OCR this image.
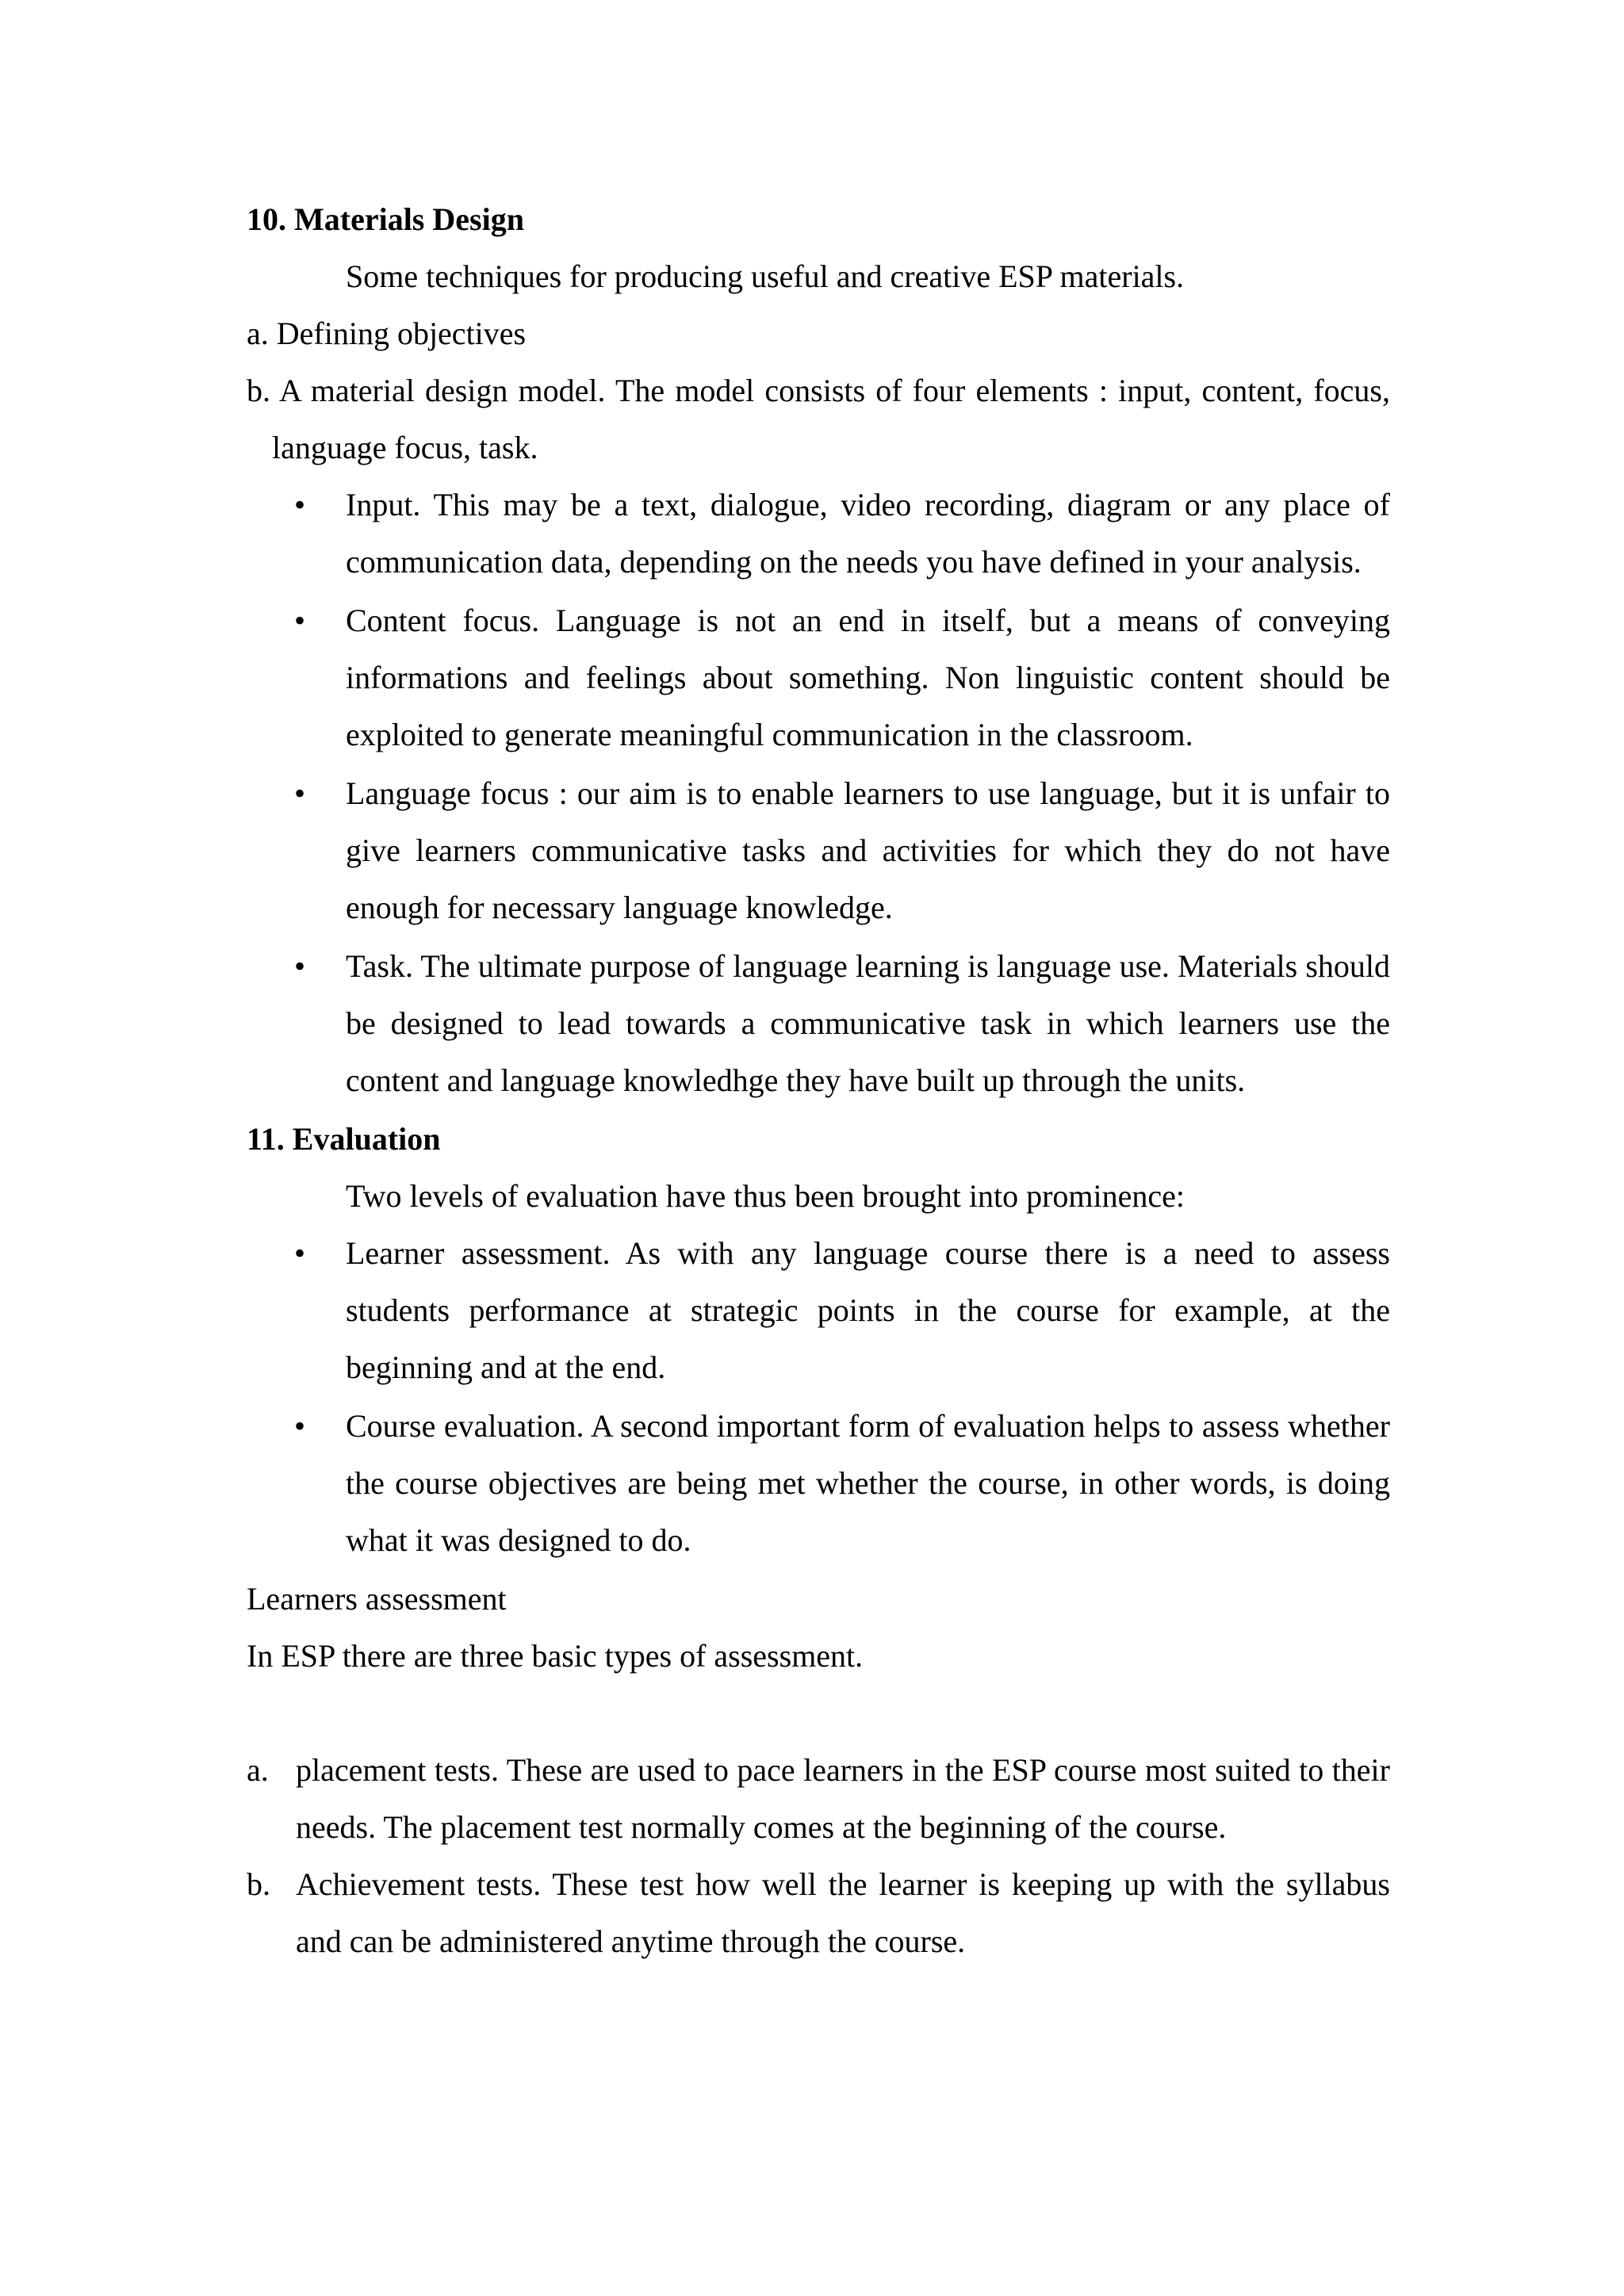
10. Materials Design

Some techniques for producing useful and creative ESP materials.

a. Defining objectives

b. A material design model. The model consists of four elements : input, content, focus, language focus, task.

•	Input. This may be a text, dialogue, video recording, diagram or any place of communication data, depending on the needs you have defined in your analysis.
•	Content focus. Language is not an end in itself, but a means of conveying informations and feelings about something. Non linguistic content should be exploited to generate meaningful communication in the classroom.
•	Language focus : our aim is to enable learners to use language, but it is unfair to give learners communicative tasks and activities for which they do not have enough for necessary language knowledge.
•	Task. The ultimate purpose of language learning is language use. Materials should be designed to lead towards a communicative task in which learners use the content and language knowledhge they have built up through the units.

11. Evaluation

Two levels of evaluation have thus been brought into prominence:

•	Learner assessment. As with any language course there is a need to assess students performance at strategic points in the course for example, at the beginning and at the end.
•	Course evaluation. A second important form of evaluation helps to assess whether the course objectives are being met whether the course, in other words, is doing what it was designed to do.

Learners assessment

In ESP there are three basic types of assessment.

a. placement tests. These are used to pace learners in the ESP course most suited to their needs. The placement test normally comes at the beginning of the course.
b. Achievement tests. These test how well the learner is keeping up with the syllabus and can be administered anytime through the course.
